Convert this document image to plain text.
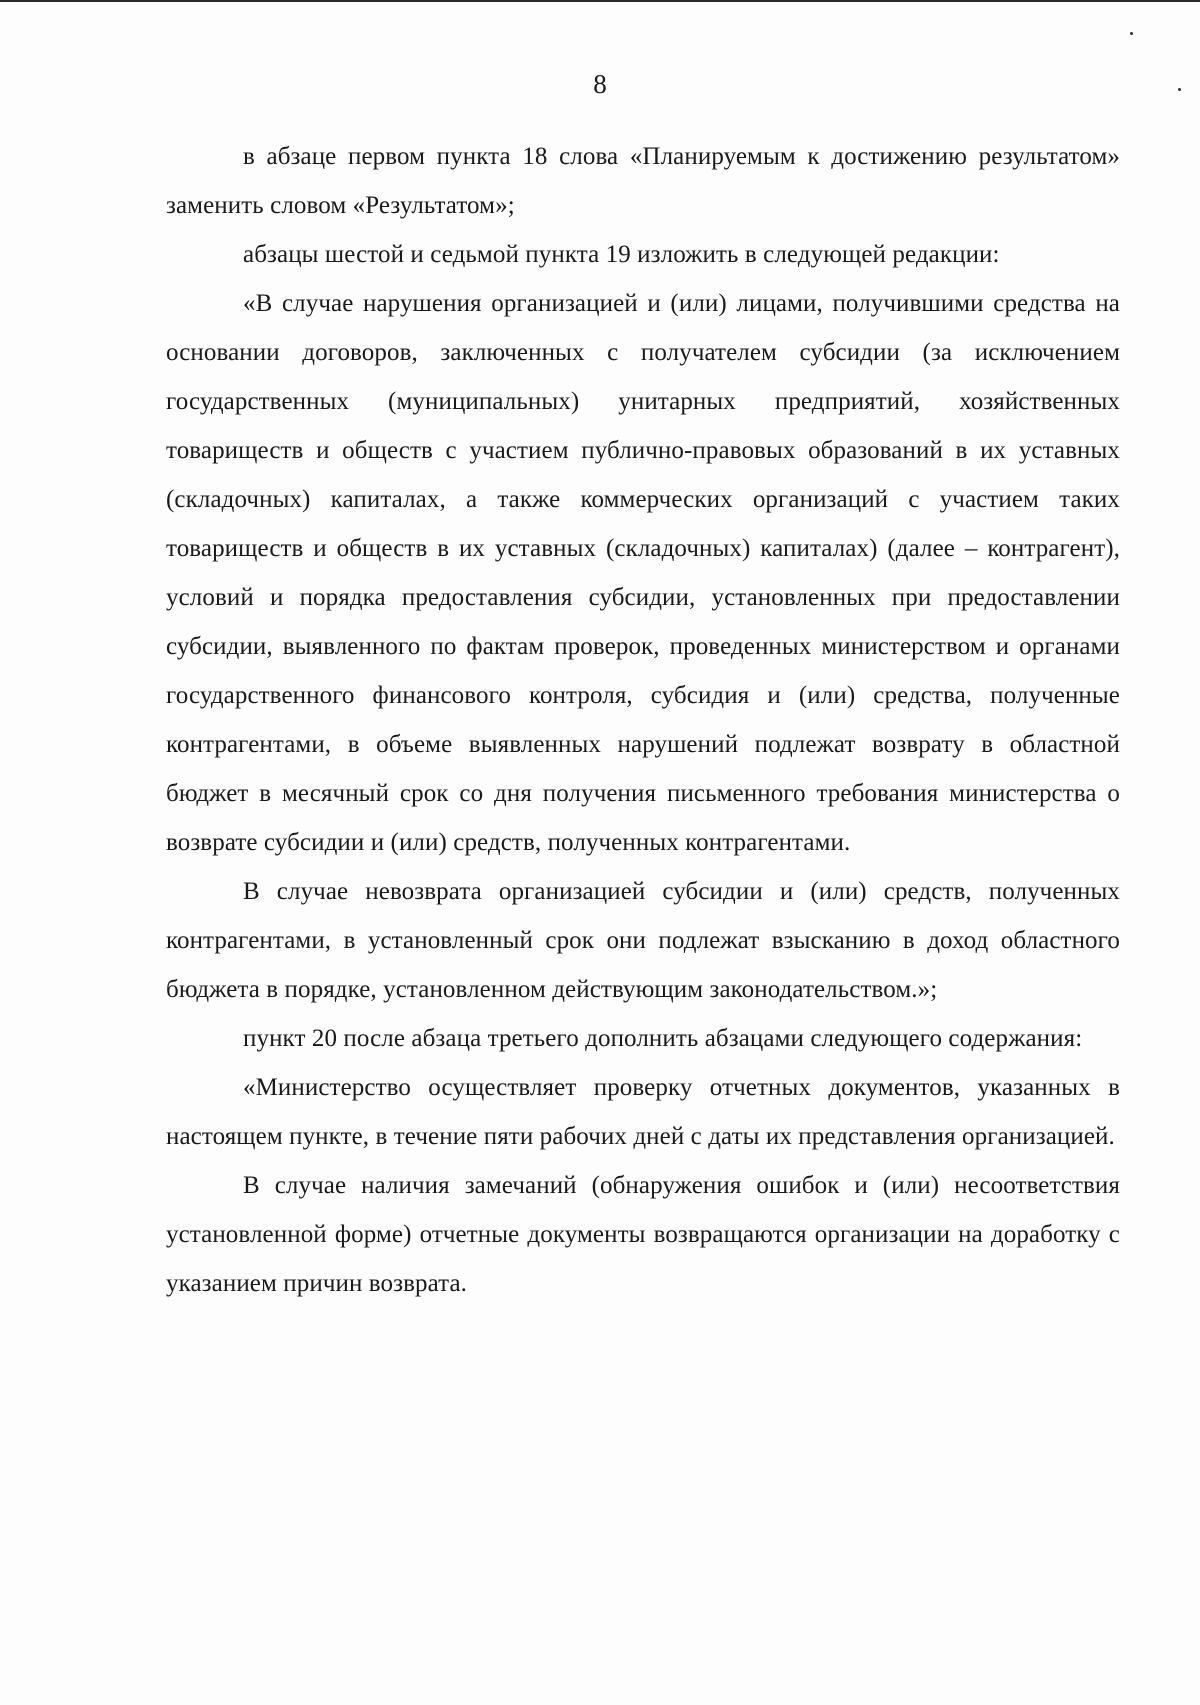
8

в абзаце первом пункта 18 слова «Планируемым к достижению результатом» заменить словом «Результатом»;

абзацы шестой и седьмой пункта 19 изложить в следующей редакции:

«В случае нарушения организацией и (или) лицами, получившими средства на основании договоров, заключенных с получателем субсидии (за исключением государственных (муниципальных) унитарных предприятий, хозяйственных товариществ и обществ с участием публично-правовых образований в их уставных (складочных) капиталах, а также коммерческих организаций с участием таких товариществ и обществ в их уставных (складочных) капиталах) (далее – контрагент), условий и порядка предоставления субсидии, установленных при предоставлении субсидии, выявленного по фактам проверок, проведенных министерством и органами государственного финансового контроля, субсидия и (или) средства, полученные контрагентами, в объеме выявленных нарушений подлежат возврату в областной бюджет в месячный срок со дня получения письменного требования министерства о возврате субсидии и (или) средств, полученных контрагентами.

В случае невозврата организацией субсидии и (или) средств, полученных контрагентами, в установленный срок они подлежат взысканию в доход областного бюджета в порядке, установленном действующим законодательством.»;

пункт 20 после абзаца третьего дополнить абзацами следующего содержания:

«Министерство осуществляет проверку отчетных документов, указанных в настоящем пункте, в течение пяти рабочих дней с даты их представления организацией.

В случае наличия замечаний (обнаружения ошибок и (или) несоответствия установленной форме) отчетные документы возвращаются организации на доработку с указанием причин возврата.
